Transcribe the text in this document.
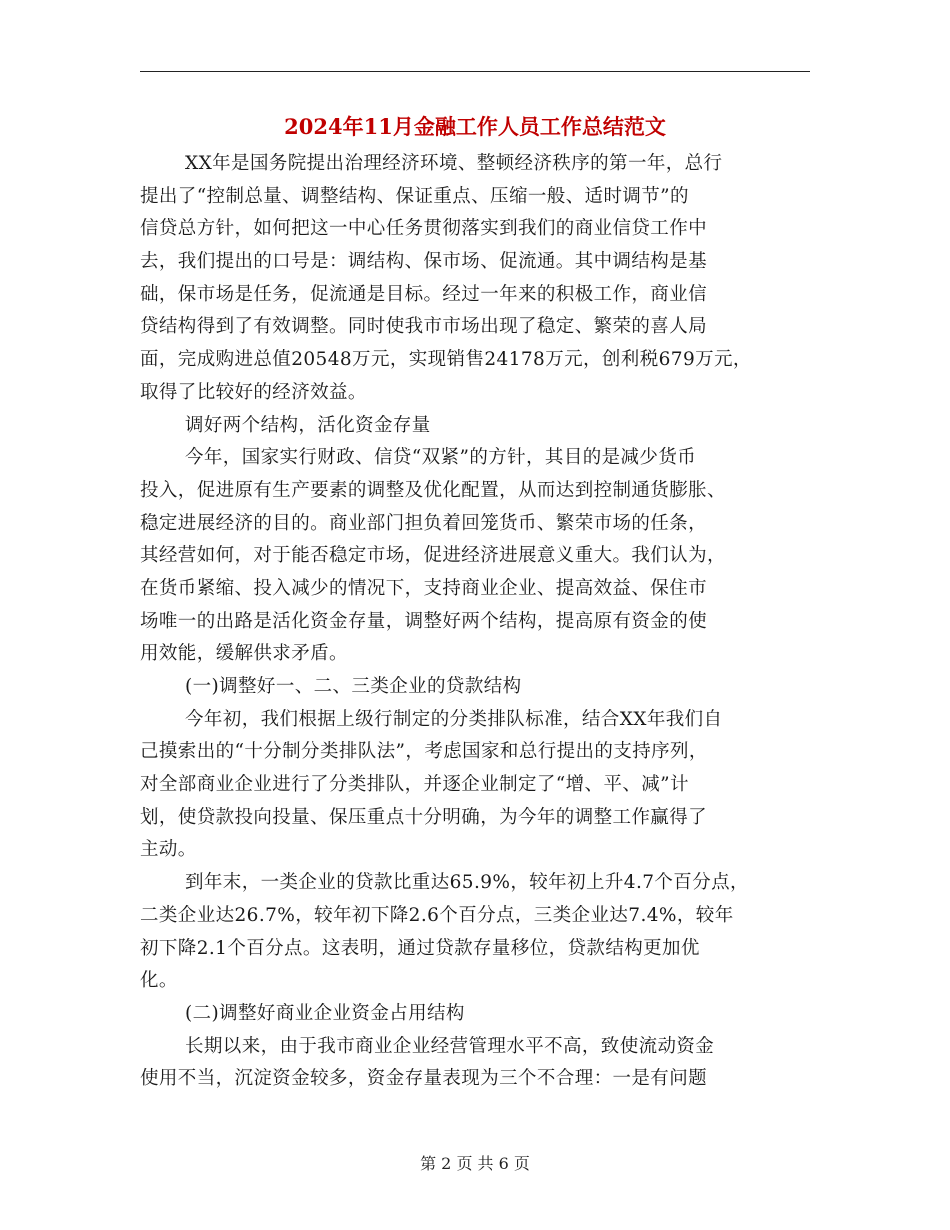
2024年11月金融工作人员工作总结范文
XX年是国务院提出治理经济环境、整顿经济秩序的第一年，总行
提出了“控制总量、调整结构、保证重点、压缩一般、适时调节”的
信贷总方针，如何把这一中心任务贯彻落实到我们的商业信贷工作中
去，我们提出的口号是：调结构、保市场、促流通。其中调结构是基
础，保市场是任务，促流通是目标。经过一年来的积极工作，商业信
贷结构得到了有效调整。同时使我市市场出现了稳定、繁荣的喜人局
面，完成购进总值20548万元，实现销售24178万元，创利税679万元，
取得了比较好的经济效益。
调好两个结构，活化资金存量
今年，国家实行财政、信贷“双紧”的方针，其目的是减少货币
投入，促进原有生产要素的调整及优化配置，从而达到控制通货膨胀、
稳定进展经济的目的。商业部门担负着回笼货币、繁荣市场的任条，
其经营如何，对于能否稳定市场，促进经济进展意义重大。我们认为，
在货币紧缩、投入减少的情况下，支持商业企业、提高效益、保住市
场唯一的出路是活化资金存量，调整好两个结构，提高原有资金的使
用效能，缓解供求矛盾。
(一)调整好一、二、三类企业的贷款结构
今年初，我们根据上级行制定的分类排队标准，结合XX年我们自
己摸索出的“十分制分类排队法”，考虑国家和总行提出的支持序列，
对全部商业企业进行了分类排队，并逐企业制定了“增、平、减”计
划，使贷款投向投量、保压重点十分明确，为今年的调整工作赢得了
主动。
到年末，一类企业的贷款比重达65.9%，较年初上升4.7个百分点，
二类企业达26.7%，较年初下降2.6个百分点，三类企业达7.4%，较年
初下降2.1个百分点。这表明，通过贷款存量移位，贷款结构更加优
化。
(二)调整好商业企业资金占用结构
长期以来，由于我市商业企业经营管理水平不高，致使流动资金
使用不当，沉淀资金较多，资金存量表现为三个不合理：一是有问题
第 2 页 共 6 页
